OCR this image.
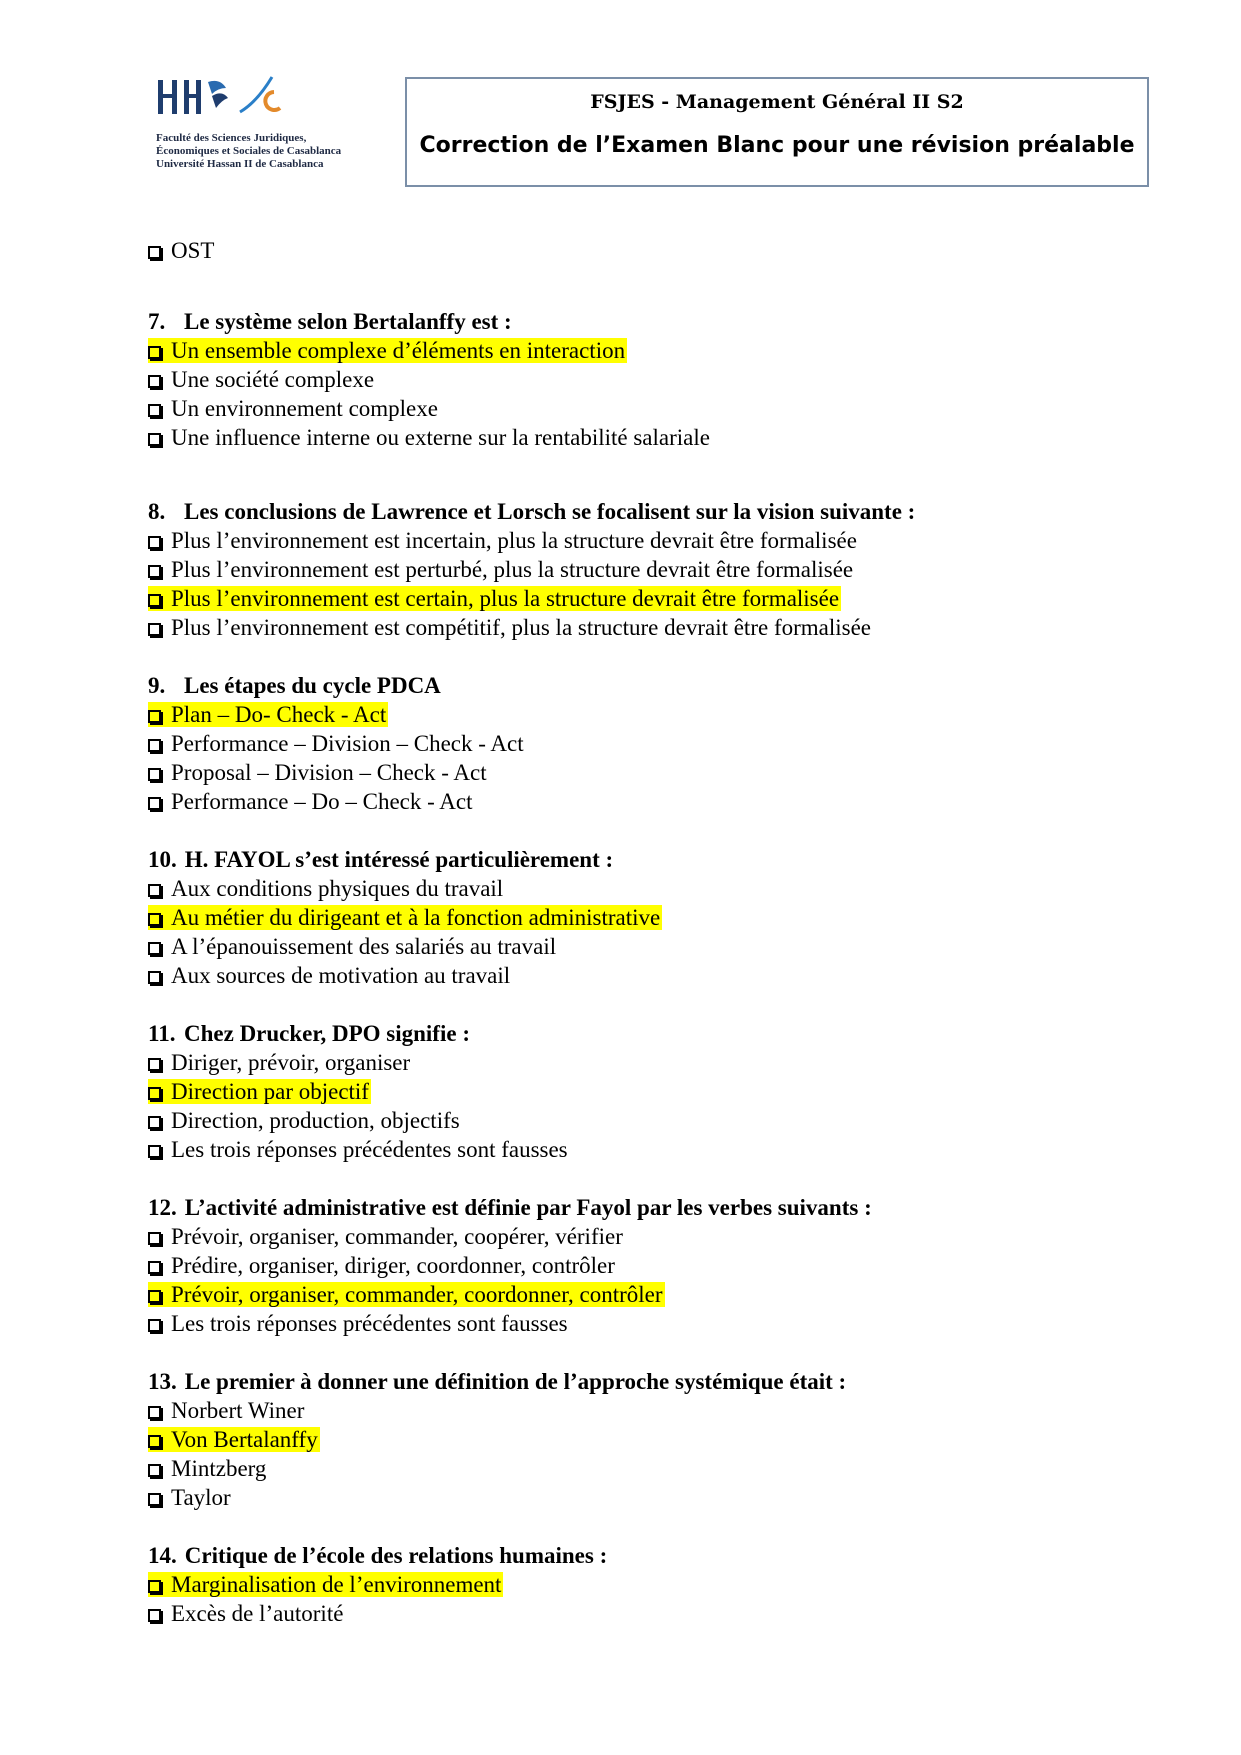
Faculté des Sciences Juridiques,
Économiques et Sociales de Casablanca
Université Hassan II de Casablanca
FSJES - Management Général II S2
Correction de l’Examen Blanc pour une révision préalable
OST
7. Le système selon Bertalanffy est :
Un ensemble complexe d’éléments en interaction
Une société complexe
Un environnement complexe
Une influence interne ou externe sur la rentabilité salariale
8. Les conclusions de Lawrence et Lorsch se focalisent sur la vision suivante :
Plus l’environnement est incertain, plus la structure devrait être formalisée
Plus l’environnement est perturbé, plus la structure devrait être formalisée
Plus l’environnement est certain, plus la structure devrait être formalisée
Plus l’environnement est compétitif, plus la structure devrait être formalisée
9. Les étapes du cycle PDCA
Plan – Do- Check - Act
Performance – Division – Check - Act
Proposal – Division – Check - Act
Performance – Do – Check - Act
10. H. FAYOL s’est intéressé particulièrement :
Aux conditions physiques du travail
Au métier du dirigeant et à la fonction administrative
A l’épanouissement des salariés au travail
Aux sources de motivation au travail
11. Chez Drucker, DPO signifie :
Diriger, prévoir, organiser
Direction par objectif
Direction, production, objectifs
Les trois réponses précédentes sont fausses
12. L’activité administrative est définie par Fayol par les verbes suivants :
Prévoir, organiser, commander, coopérer, vérifier
Prédire, organiser, diriger, coordonner, contrôler
Prévoir, organiser, commander, coordonner, contrôler
Les trois réponses précédentes sont fausses
13. Le premier à donner une définition de l’approche systémique était :
Norbert Winer
Von Bertalanffy
Mintzberg
Taylor
14. Critique de l’école des relations humaines :
Marginalisation de l’environnement
Excès de l’autorité
